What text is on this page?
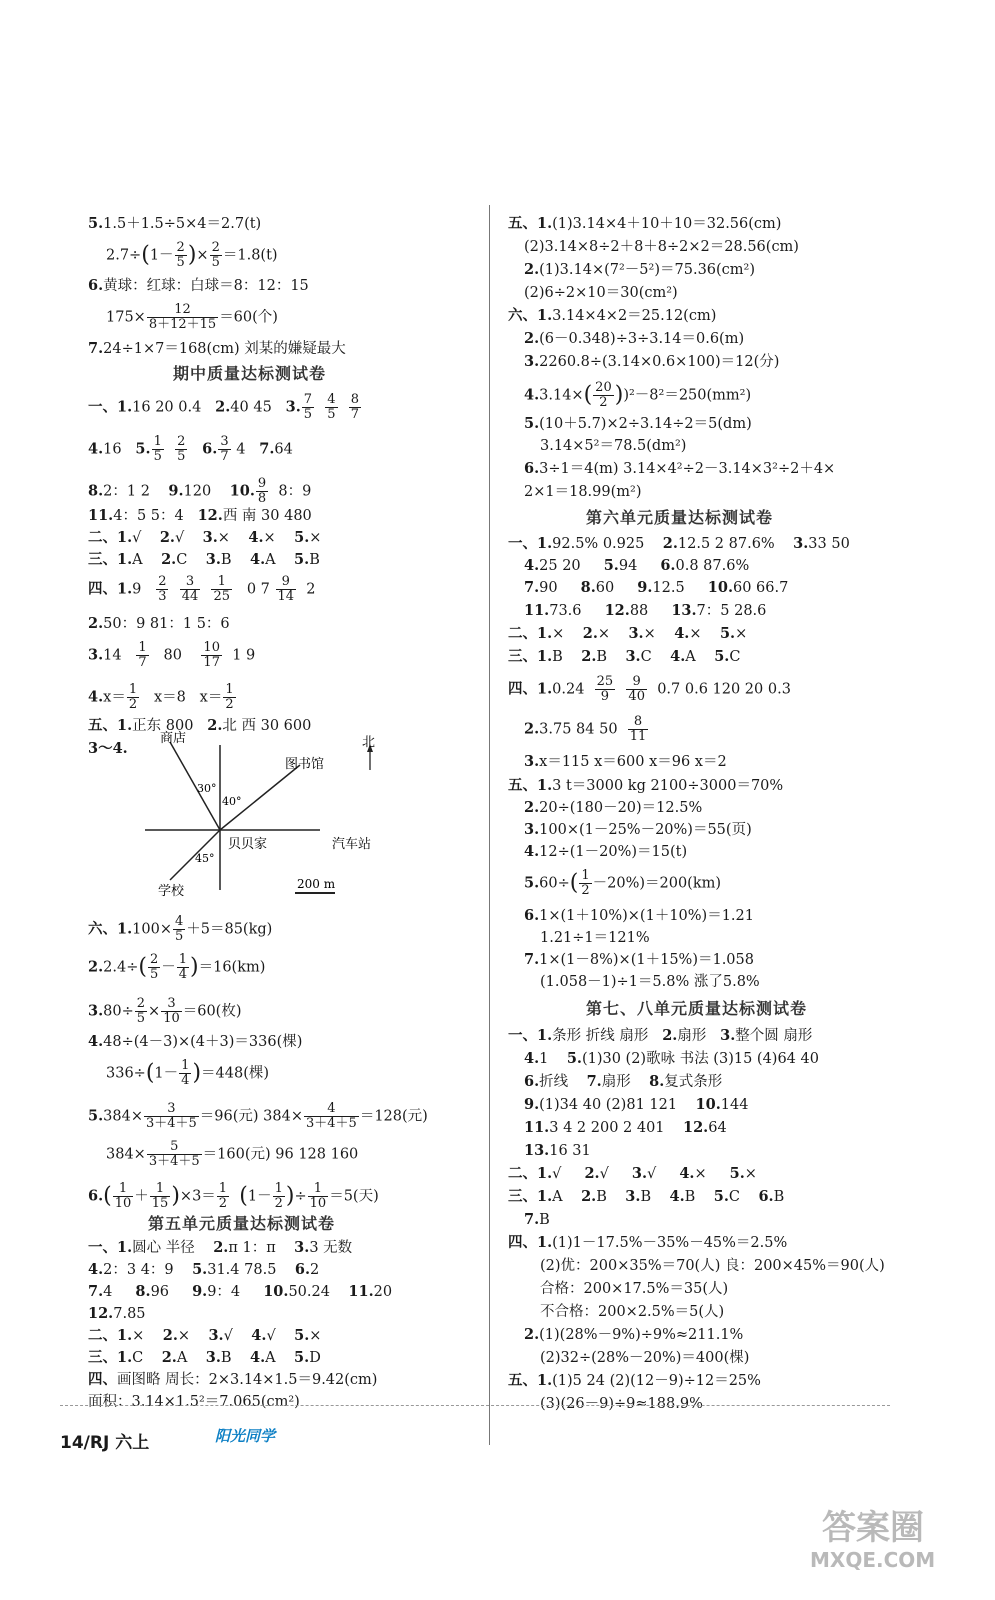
5.1.5＋1.5÷5×4＝2.7(t)
$2.7\div(1- \frac{2}{5}$ )× $\frac{2}{5} =1.8(t)$
6.黄球：红球：白球＝8：12：15
$175\times \frac{12}{8+12+15} =60$(个)
7.24÷1×7＝168(cm) 刘某的嫌疑最大
期中质量达标测试卷
一、1.16 20 0.4 2.40 45 3. $\frac{7}{5}$
$\frac{4}{5}$
$\frac{8}{7}$
4.16 5. $\frac{1}{5}$
$\frac{2}{5} 6$. $\frac{3}{7} 4$ 7.64
8.2：1 2 9.120 10. $\frac{9}{8} 8$：9
11.4：5 5：4 12.西 南 30 480
二、1.√ 2.√ 3.× 4.× 5.×
三、1.A 2.C 3.B 4.A 5.B
四、$1.9 \frac{2}{3}$
$\frac{3}{44}$
$\frac{1}{25} 0$ $7 \frac{9}{14} 2$
2.50：9 81：1 5：6
$3.14 \frac{1}{7} 80 \frac{10}{17} 1$ 9
$4.x= \frac{1}{2} x=8$ $x= \frac{1}{2}$
五、1.正东 800 2.北 西 30 600
3～4.
六、$1.100\times \frac{4}{5} +5=85(kg)$
$2.2.4\div( \frac{2}{5} - \frac{1}{4} )=16(km)$
$3.80\div \frac{2}{5} \times \frac{3}{10} =60$(枚)
4.48÷(4－3)×(4＋3)＝336(棵)
$336\div(1- \frac{1}{4} )=448$(棵)
$5.384\times \frac{3}{3+4+5} =96$(元) $384\times \frac{4}{3+4+5} =128$(元)
$384\times \frac{5}{3+4+5} =160$(元) 96 128 160
$6.( \frac{1}{10} + \frac{1}{15} )\times 3= \frac{1}{2} (1- \frac{1}{2}$ )÷ $\frac{1}{10} =5$(天)
第五单元质量达标测试卷
一、1.圆心 半径 2.π 1：π 3.3 无数
4.2：3 4：9 5.31.4 78.5 6.2
7.4 8.96 9.9：4 10.50.24 11.20
12.7.85
二、1.× 2.× 3.√ 4.√ 5.×
三、1.C 2.A 3.B 4.A 5.D
四、画图略 周长：2×3.14×1.5＝9.42(cm)
面积：3.14×1.5²＝7.065(cm²)
商店
图书馆
北
贝贝家	汽车站
学校	200 m
30°
40°
45°
五、1.(1)3.14×4＋10＋10＝32.56(cm)
(2)3.14×8÷2＋8＋8÷2×2＝28.56(cm)
2.(1)3.14×(7²－5²)＝75.36(cm²)
(2)6÷2×10＝30(cm²)
六、1.3.14×4×2＝25.12(cm)
2.(6－0.348)÷3÷3.14＝0.6(m)
3.2260.8÷(3.14×0.6×100)＝12(分)
$4.3.14\times( \frac{20}{2} ))^2-8^2=250(mm^2)$
5.(10＋5.7)×2÷3.14÷2＝5(dm)
3.14×5²＝78.5(dm²)
6.3÷1＝4(m) 3.14×4²÷2－3.14×3²÷2＋4×
2×1＝18.99(m²)
第六单元质量达标测试卷
一、1.92.5% 0.925 2.12.5 2 87.6% 3.33 50
4.25 20 5.94 6.0.8 87.6%
7.90 8.60 9.12.5 10.60 66.7
11.73.6 12.88 13.7：5 28.6
二、1.× 2.× 3.× 4.× 5.×
三、1.B 2.B 3.C 4.A 5.C
四、$1.0.24 \frac{25}{9}$
$\frac{9}{40} 0.7$ 0.6 120 20 0.3
2.3.75 84 $50 \frac{8}{11}$
3.x＝115 x＝600 x＝96 x＝2
五、1.3 t＝3000 kg 2100÷3000＝70%
2.20÷(180－20)＝12.5%
3.100×(1－25%－20%)＝55(页)
4.12÷(1－20%)＝15(t)
$5.60\div( \frac{1}{2} -20\%)=200(km)$
6.1×(1＋10%)×(1＋10%)＝1.21
1.21÷1＝121%
7.1×(1－8%)×(1＋15%)＝1.058
(1.058－1)÷1＝5.8% 涨了5.8%
第七、八单元质量达标测试卷
一、1.条形 折线 扇形 2.扇形 3.整个圆 扇形
4.1 5.(1)30 (2)歌咏 书法 (3)15 (4)64 40
6.折线 7.扇形 8.复式条形
9.(1)34 40 (2)81 121 10.144
11.3 4 2 200 2 401 12.64
13.16 31
二、1.√ 2.√ 3.√ 4.× 5.×
三、1.A 2.B 3.B 4.B 5.C 6.B
7.B
四、1.(1)1－17.5%－35%－45%＝2.5%
(2)优：200×35%＝70(人) 良：200×45%＝90(人)
合格：200×17.5%＝35(人)
不合格：200×2.5%＝5(人)
2.(1)(28%－9%)÷9%≈211.1%
(2)32÷(28%－20%)＝400(棵)
五、1.(1)5 24 (2)(12－9)÷12＝25%
(3)(26－9)÷9≈188.9%
14/RJ 六上	阳光同学
答案圈
MXQE.COM
